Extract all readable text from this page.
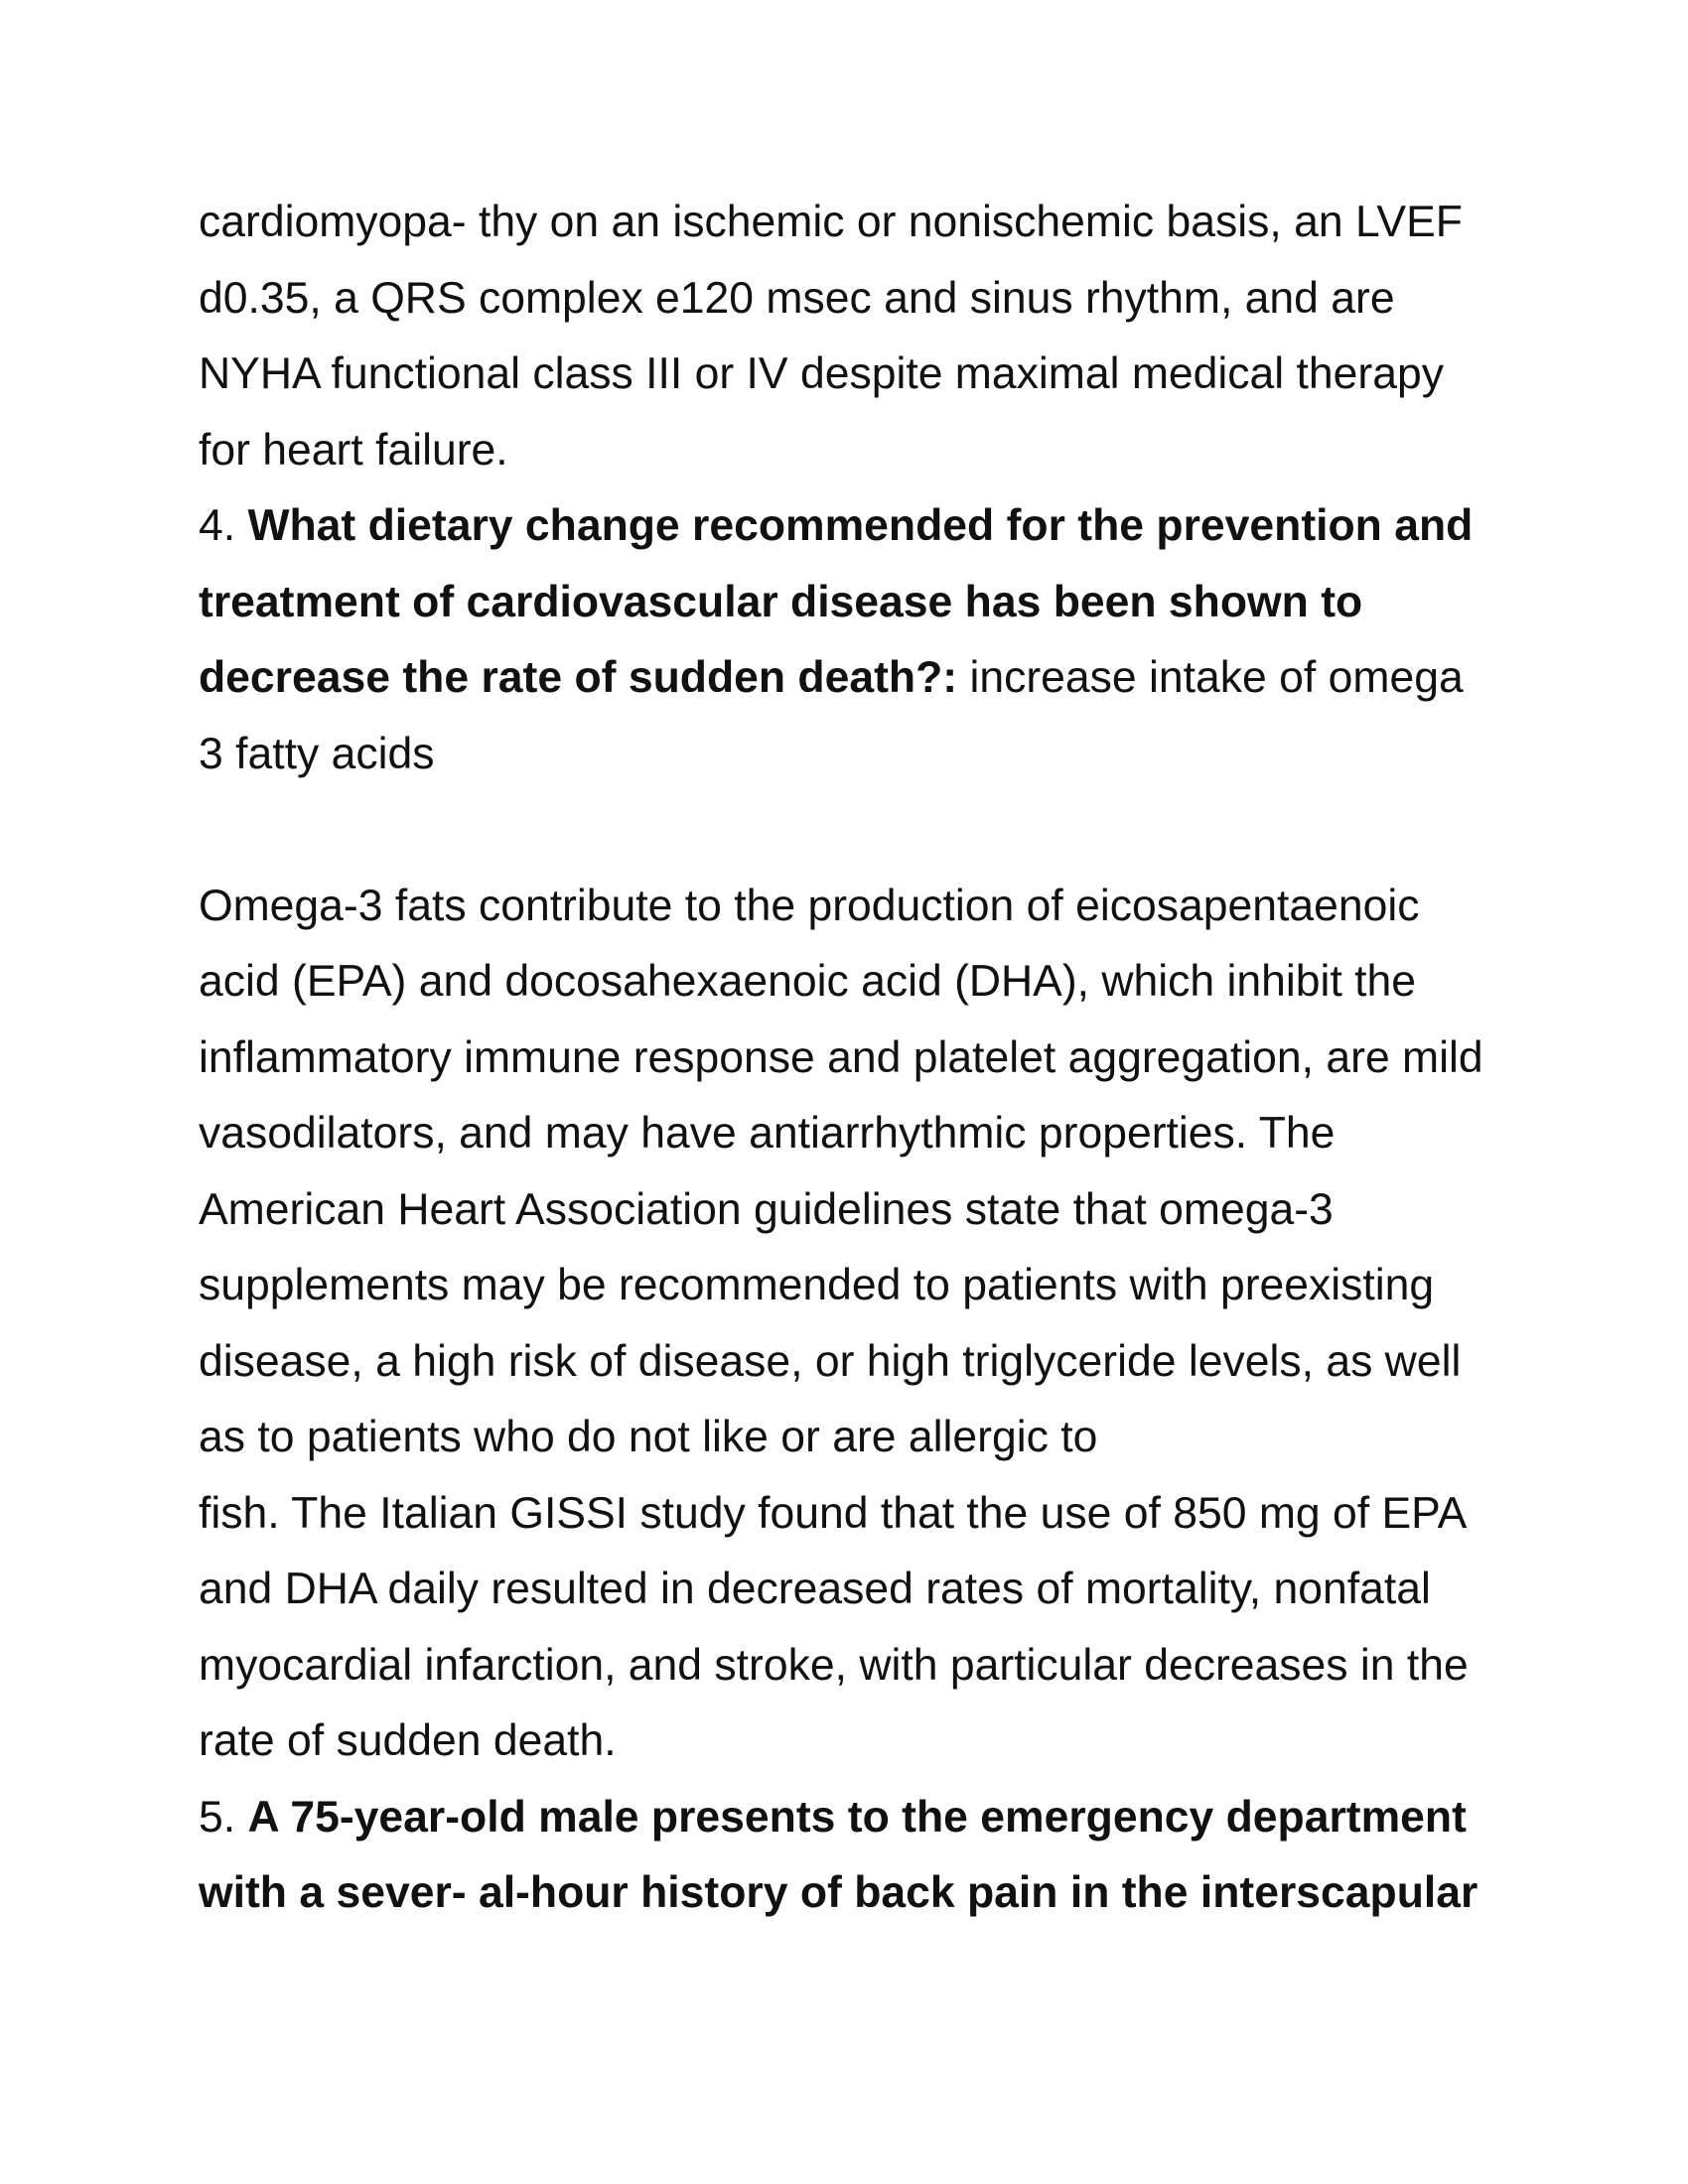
cardiomyopa- thy on an ischemic or nonischemic basis, an LVEF
d0.35, a QRS complex e120 msec and sinus rhythm, and are
NYHA functional class III or IV despite maximal medical therapy
for heart failure.
4. What dietary change recommended for the prevention and
treatment of cardiovascular disease has been shown to
decrease the rate of sudden death?: increase intake of omega
3 fatty acids
Omega-3 fats contribute to the production of eicosapentaenoic
acid (EPA) and docosahexaenoic acid (DHA), which inhibit the
inflammatory immune response and platelet aggregation, are mild
vasodilators, and may have antiarrhythmic properties. The
American Heart Association guidelines state that omega-3
supplements may be recommended to patients with preexisting
disease, a high risk of disease, or high triglyceride levels, as well
as to patients who do not like or are allergic to
fish. The Italian GISSI study found that the use of 850 mg of EPA
and DHA daily resulted in decreased rates of mortality, nonfatal
myocardial infarction, and stroke, with particular decreases in the
rate of sudden death.
5. A 75-year-old male presents to the emergency department
with a sever- al-hour history of back pain in the interscapular
